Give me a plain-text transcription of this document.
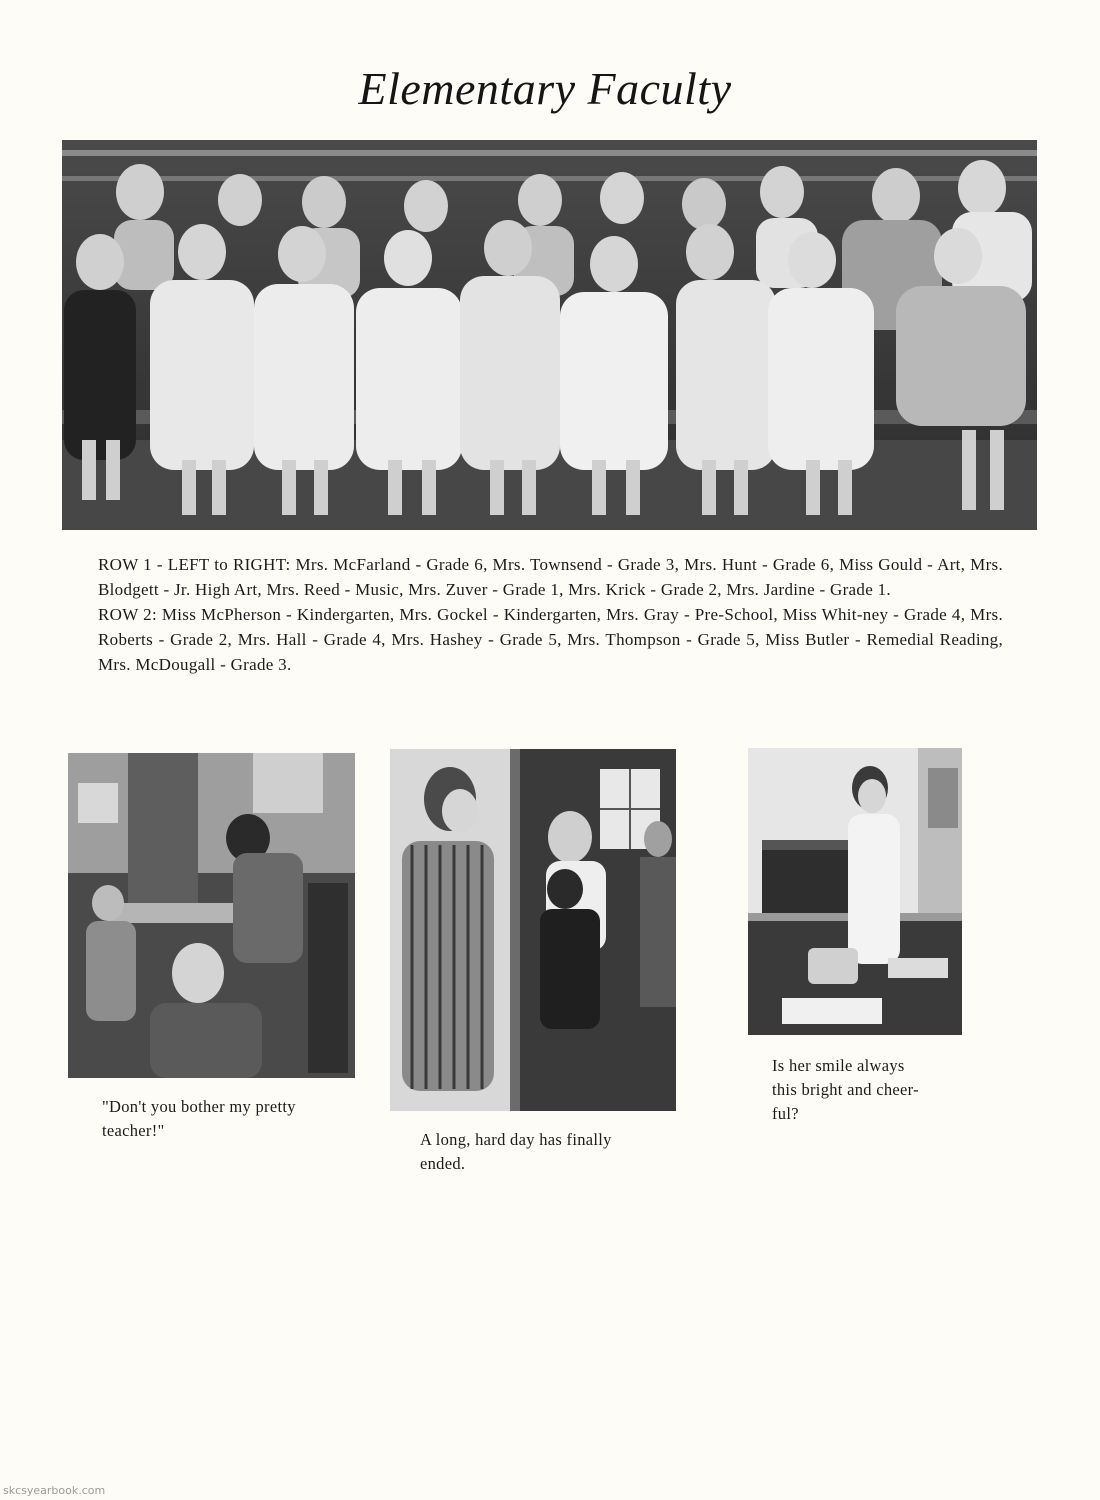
Elementary Faculty

ROW 1 - LEFT to RIGHT: Mrs. McFarland - Grade 6, Mrs. Townsend - Grade 3, Mrs. Hunt - Grade 6, Miss Gould - Art, Mrs. Blodgett - Jr. High Art, Mrs. Reed - Music, Mrs. Zuver - Grade 1, Mrs. Krick - Grade 2, Mrs. Jardine - Grade 1.

ROW 2: Miss McPherson - Kindergarten, Mrs. Gockel - Kindergarten, Mrs. Gray - Pre-School, Miss Whit-ney - Grade 4, Mrs. Roberts - Grade 2, Mrs. Hall - Grade 4, Mrs. Hashey - Grade 5, Mrs. Thompson - Grade 5, Miss Butler - Remedial Reading, Mrs. McDougall - Grade 3.

"Don't you bother my pretty
teacher!"	A long, hard day has finally
ended.
Is her smile always
this bright and cheer-
ful?
skcsyearbook.com
